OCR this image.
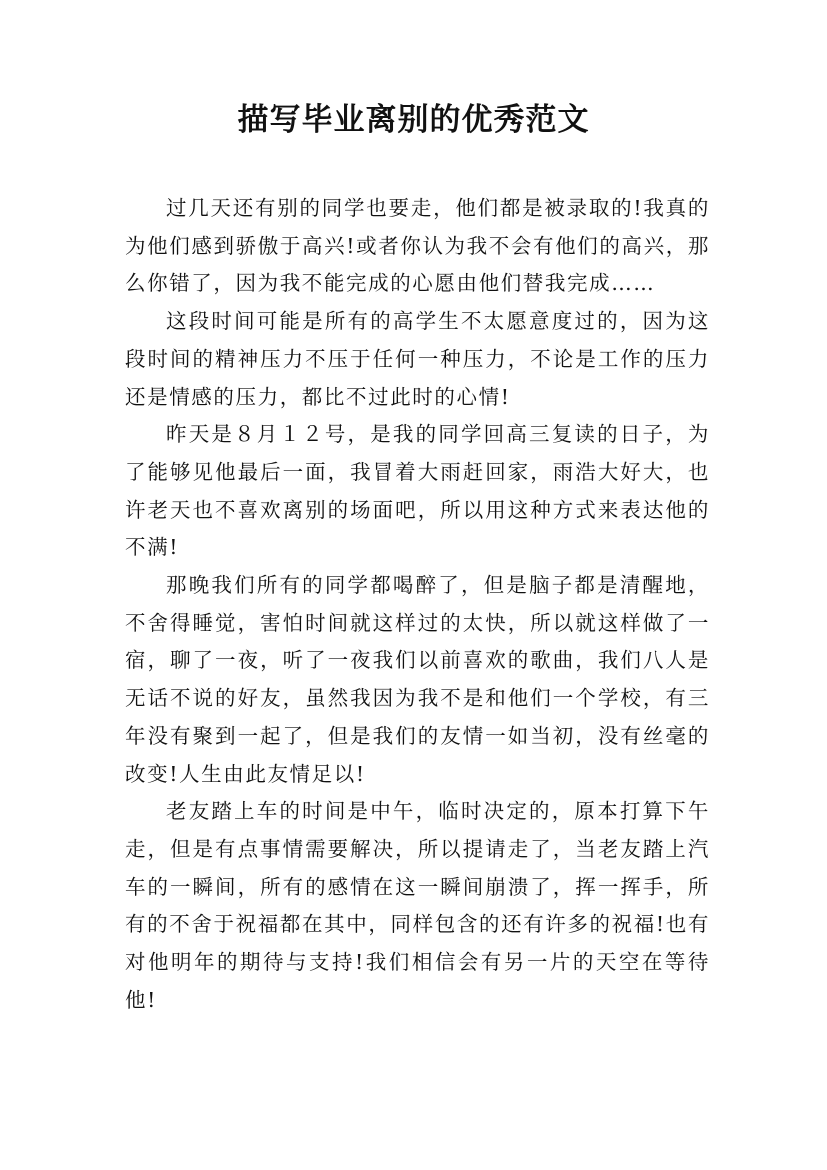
描写毕业离别的优秀范文

过几天还有别的同学也要走，他们都是被录取的!我真的为他们感到骄傲于高兴!或者你认为我不会有他们的高兴，那么你错了，因为我不能完成的心愿由他们替我完成……

这段时间可能是所有的高学生不太愿意度过的，因为这段时间的精神压力不压于任何一种压力，不论是工作的压力还是情感的压力，都比不过此时的心情!

昨天是８月１２号，是我的同学回高三复读的日子，为了能够见他最后一面，我冒着大雨赶回家，雨浩大好大，也许老天也不喜欢离别的场面吧，所以用这种方式来表达他的不满!

那晚我们所有的同学都喝醉了，但是脑子都是清醒地，不舍得睡觉，害怕时间就这样过的太快，所以就这样做了一宿，聊了一夜，听了一夜我们以前喜欢的歌曲，我们八人是无话不说的好友，虽然我因为我不是和他们一个学校，有三年没有聚到一起了，但是我们的友情一如当初，没有丝毫的改变!人生由此友情足以!

老友踏上车的时间是中午，临时决定的，原本打算下午走，但是有点事情需要解决，所以提请走了，当老友踏上汽车的一瞬间，所有的感情在这一瞬间崩溃了，挥一挥手，所有的不舍于祝福都在其中，同样包含的还有许多的祝福!也有对他明年的期待与支持!我们相信会有另一片的天空在等待他!
